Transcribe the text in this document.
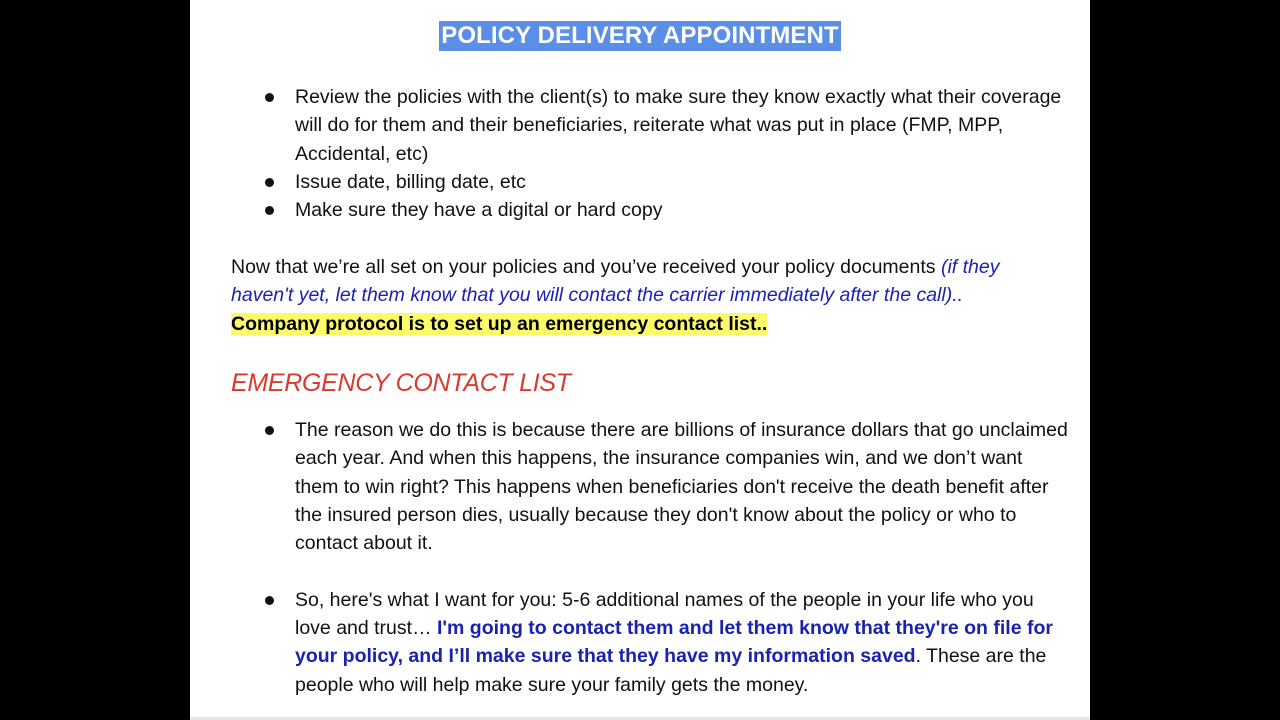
POLICY DELIVERY APPOINTMENT
Review the policies with the client(s) to make sure they know exactly what their coverage will do for them and their beneficiaries, reiterate what was put in place (FMP, MPP, Accidental, etc)
Issue date, billing date, etc
Make sure they have a digital or hard copy

Now that we’re all set on your policies and you’ve received your policy documents (if they haven't yet, let them know that you will contact the carrier immediately after the call).. Company protocol is to set up an emergency contact list..

EMERGENCY CONTACT LIST
The reason we do this is because there are billions of insurance dollars that go unclaimed each year. And when this happens, the insurance companies win, and we don’t want them to win right? This happens when beneficiaries don't receive the death benefit after the insured person dies, usually because they don't know about the policy or who to contact about it.
So, here's what I want for you: 5-6 additional names of the people in your life who you love and trust… I'm going to contact them and let them know that they're on file for your policy, and I’ll make sure that they have my information saved. These are the people who will help make sure your family gets the money.
